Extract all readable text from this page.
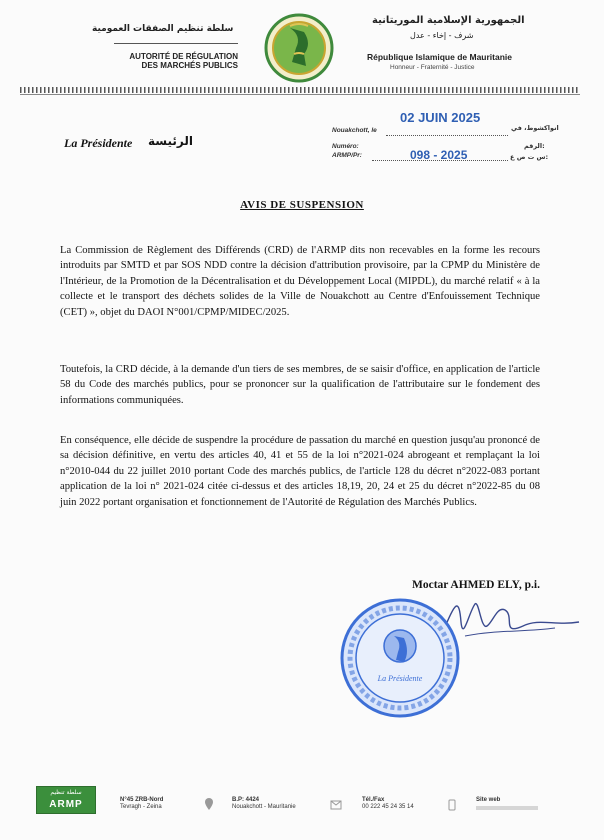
سلطة تنظيم الصفقات العمومية
AUTORITÉ DE RÉGULATION
DES MARCHÉS PUBLICS
الجمهورية الإسلامية الموريتانية
شرف - إخاء - عدل
République Islamique de Mauritanie
Honneur - Fraternité - Justice
Nouakchott, le
02 JUIN 2025
انواكشوط، في
Numéro:
ARMP/Pr:	098 - 2025
الرقم:
س ت ص ع:
La Présidente الرئيسة
AVIS DE SUSPENSION
La Commission de Règlement des Différends (CRD) de l'ARMP dits non recevables en la forme les recours introduits par SMTD et par SOS NDD contre la décision d'attribution provisoire, par la CPMP du Ministère de l'Intérieur, de la Promotion de la Décentralisation et du Développement Local (MIPDL), du marché relatif « à la collecte et le transport des déchets solides de la Ville de Nouakchott au Centre d'Enfouissement Technique (CET) », objet du DAOI N°001/CPMP/MIDEC/2025.
Toutefois, la CRD décide, à la demande d'un tiers de ses membres, de se saisir d'office, en application de l'article 58 du Code des marchés publics, pour se prononcer sur la qualification de l'attributaire sur le fondement des informations communiquées.
En conséquence, elle décide de suspendre la procédure de passation du marché en question jusqu'au prononcé de sa décision définitive, en vertu des articles 40, 41 et 55 de la loi n°2021-024 abrogeant et remplaçant la loi n°2010-044 du 22 juillet 2010 portant Code des marchés publics, de l'article 128 du décret n°2022-083 portant application de la loi n° 2021-024 citée ci-dessus et des articles 18,19, 20, 24 et 25 du décret n°2022-85 du 08 juin 2022 portant organisation et fonctionnement de l'Autorité de Régulation des Marchés Publics.
Moctar AHMED ELY, p.i.
La Présidente
سلطة تنظيم
ARMP	N°45 ZRB-Nord
Tevragh - Zeina
B.P: 4424
Nouakchott - Mauritanie
Tél./Fax
00 222 45 24 35 14
Site web
